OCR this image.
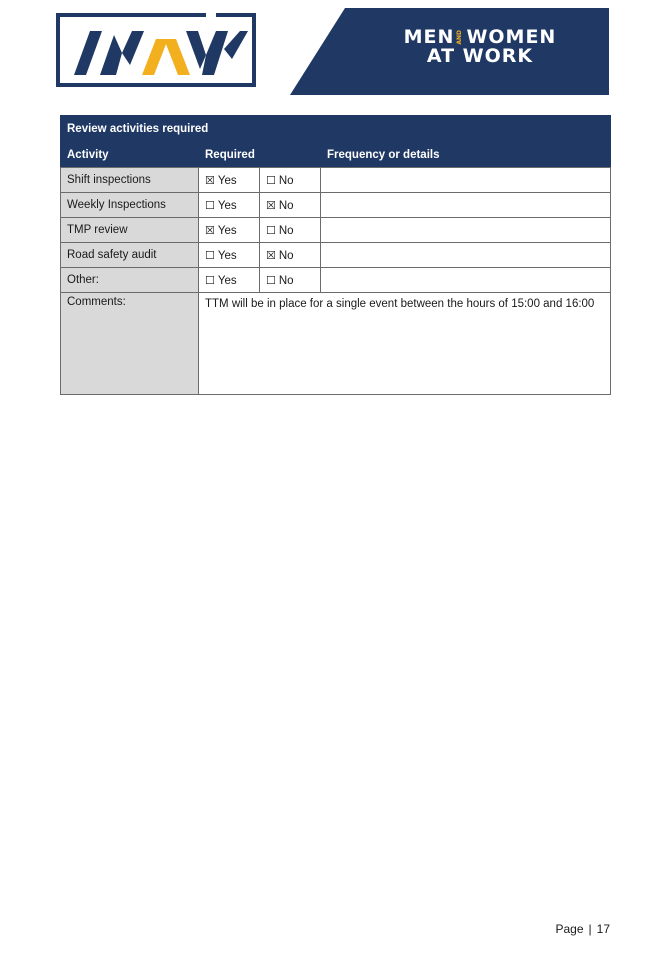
MEN AND WOMEN
AT WORK
Review activities required			
Activity	Required		Frequency or details
Shift inspections	☒ Yes	☐ No	
Weekly Inspections	☐ Yes	☒ No	
TMP review	☒ Yes	☐ No	
Road safety audit	☐ Yes	☒ No	
Other:	☐ Yes	☐ No	
Comments:	TTM will be in place for a single event between the hours of 15:00 and 16:00		
Page | 17
